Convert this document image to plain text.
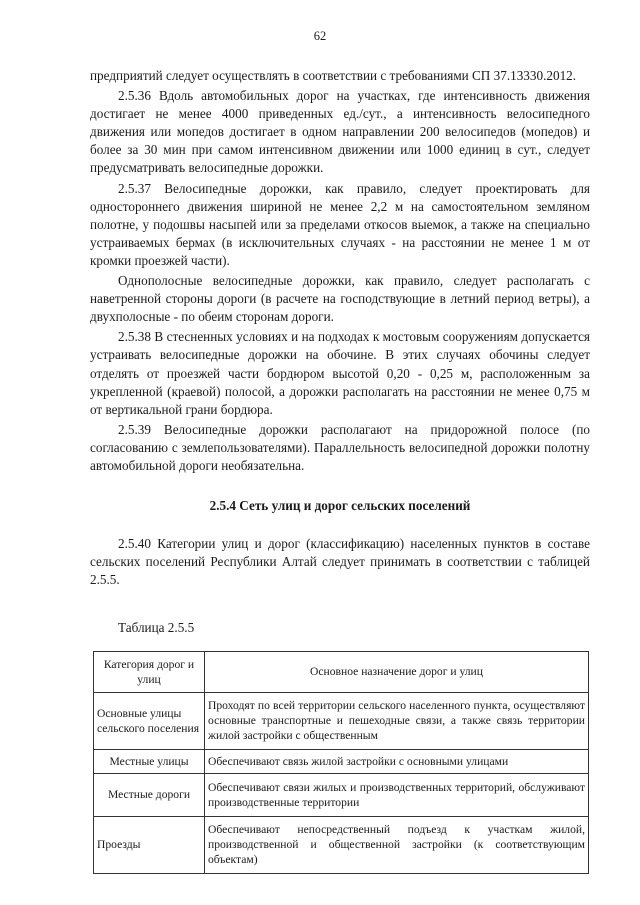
62

предприятий следует осуществлять в соответствии с требованиями СП 37.13330.2012.

2.5.36 Вдоль автомобильных дорог на участках, где интенсивность движения достигает не менее 4000 приведенных ед./сут., а интенсивность велосипедного движения или мопедов достигает в одном направлении 200 велосипедов (мопедов) и более за 30 мин при самом интенсивном движении или 1000 единиц в сут., следует предусматривать велосипедные дорожки.

2.5.37 Велосипедные дорожки, как правило, следует проектировать для одностороннего движения шириной не менее 2,2 м на самостоятельном земляном полотне, у подошвы насыпей или за пределами откосов выемок, а также на специально устраиваемых бермах (в исключительных случаях - на расстоянии не менее 1 м от кромки проезжей части).

Однополосные велосипедные дорожки, как правило, следует располагать с наветренной стороны дороги (в расчете на господствующие в летний период ветры), а двухполосные - по обеим сторонам дороги.

2.5.38 В стесненных условиях и на подходах к мостовым сооружениям допускается устраивать велосипедные дорожки на обочине. В этих случаях обочины следует отделять от проезжей части бордюром высотой 0,20 - 0,25 м, расположенным за укрепленной (краевой) полосой, а дорожки располагать на расстоянии не менее 0,75 м от вертикальной грани бордюра.

2.5.39 Велосипедные дорожки располагают на придорожной полосе (по согласованию с землепользователями). Параллельность велосипедной дорожки полотну автомобильной дороги необязательна.

2.5.4 Сеть улиц и дорог сельских поселений

2.5.40 Категории улиц и дорог (классификацию) населенных пунктов в составе сельских поселений Республики Алтай следует принимать в соответствии с таблицей 2.5.5.

Таблица 2.5.5
Категория дорог и улиц	Основное назначение дорог и улиц
Основные улицы сельского поселения	Проходят по всей территории сельского населенного пункта, осуществляют основные транспортные и пешеходные связи, а также связь территории жилой застройки с общественным
Местные улицы	Обеспечивают связь жилой застройки с основными улицами
Местные дороги	Обеспечивают связи жилых и производственных территорий, обслуживают производственные территории
Проезды	Обеспечивают непосредственный подъезд к участкам жилой, производственной и общественной застройки (к соответствующим объектам)
